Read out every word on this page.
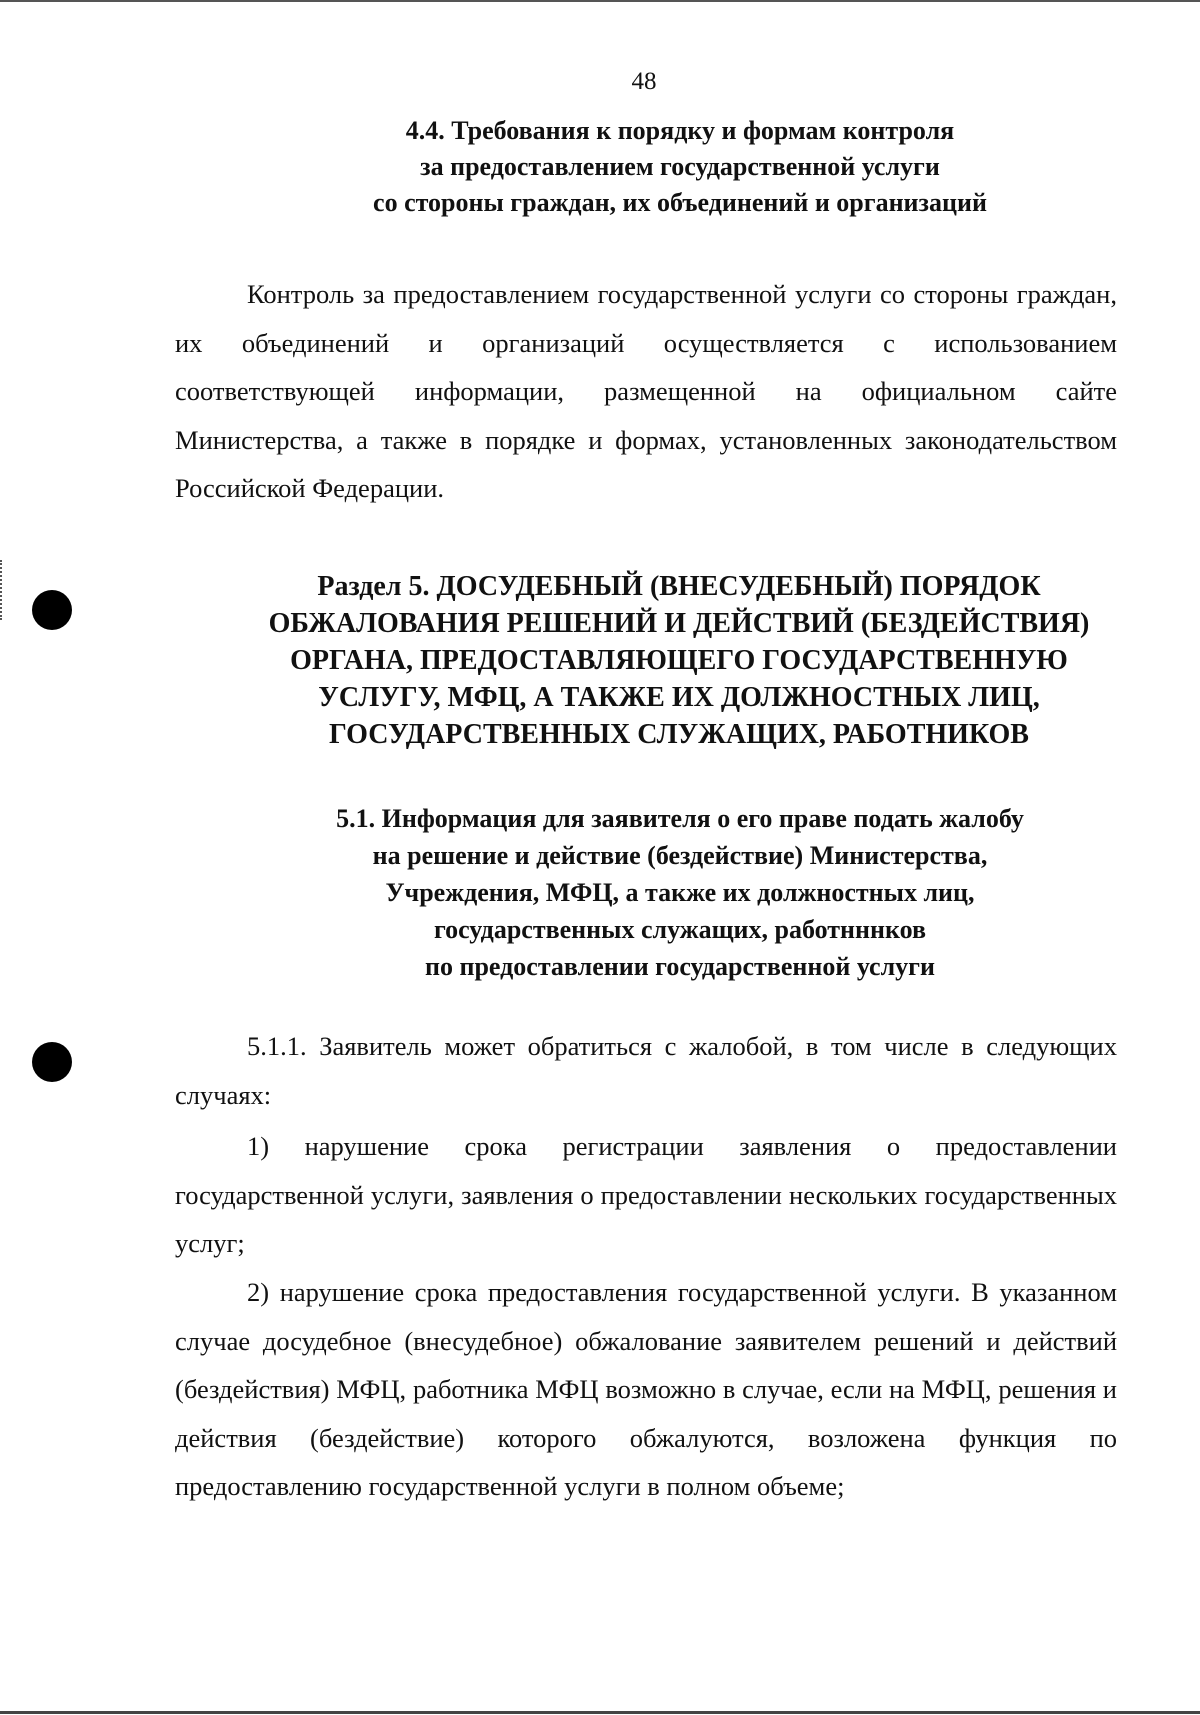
48
4.4. Требования к порядку и формам контроля
за предоставлением государственной услуги
со стороны граждан, их объединений и организаций

Контроль за предоставлением государственной услуги со стороны граждан, их объединений и организаций осуществляется с использованием соответствующей информации, размещенной на официальном сайте Министерства, а также в порядке и формах, установленных законодательством Российской Федерации.

Раздел 5. ДОСУДЕБНЫЙ (ВНЕСУДЕБНЫЙ) ПОРЯДОК
ОБЖАЛОВАНИЯ РЕШЕНИЙ И ДЕЙСТВИЙ (БЕЗДЕЙСТВИЯ)
ОРГАНА, ПРЕДОСТАВЛЯЮЩЕГО ГОСУДАРСТВЕННУЮ
УСЛУГУ, МФЦ, А ТАКЖЕ ИХ ДОЛЖНОСТНЫХ ЛИЦ,
ГОСУДАРСТВЕННЫХ СЛУЖАЩИХ, РАБОТНИКОВ
5.1. Информация для заявителя о его праве подать жалобу
на решение и действие (бездействие) Министерства,
Учреждения, МФЦ, а также их должностных лиц,
государственных служащих, работнннков
по предоставлении государственной услуги

5.1.1. Заявитель может обратиться с жалобой, в том числе в следующих случаях:

1) нарушение срока регистрации заявления о предоставлении государственной услуги, заявления о предоставлении нескольких государственных услуг;

2) нарушение срока предоставления государственной услуги. В указанном случае досудебное (внесудебное) обжалование заявителем решений и действий (бездействия) МФЦ, работника МФЦ возможно в случае, если на МФЦ, решения и действия (бездействие) которого обжалуются, возложена функция по предоставлению государственной услуги в полном объеме;
